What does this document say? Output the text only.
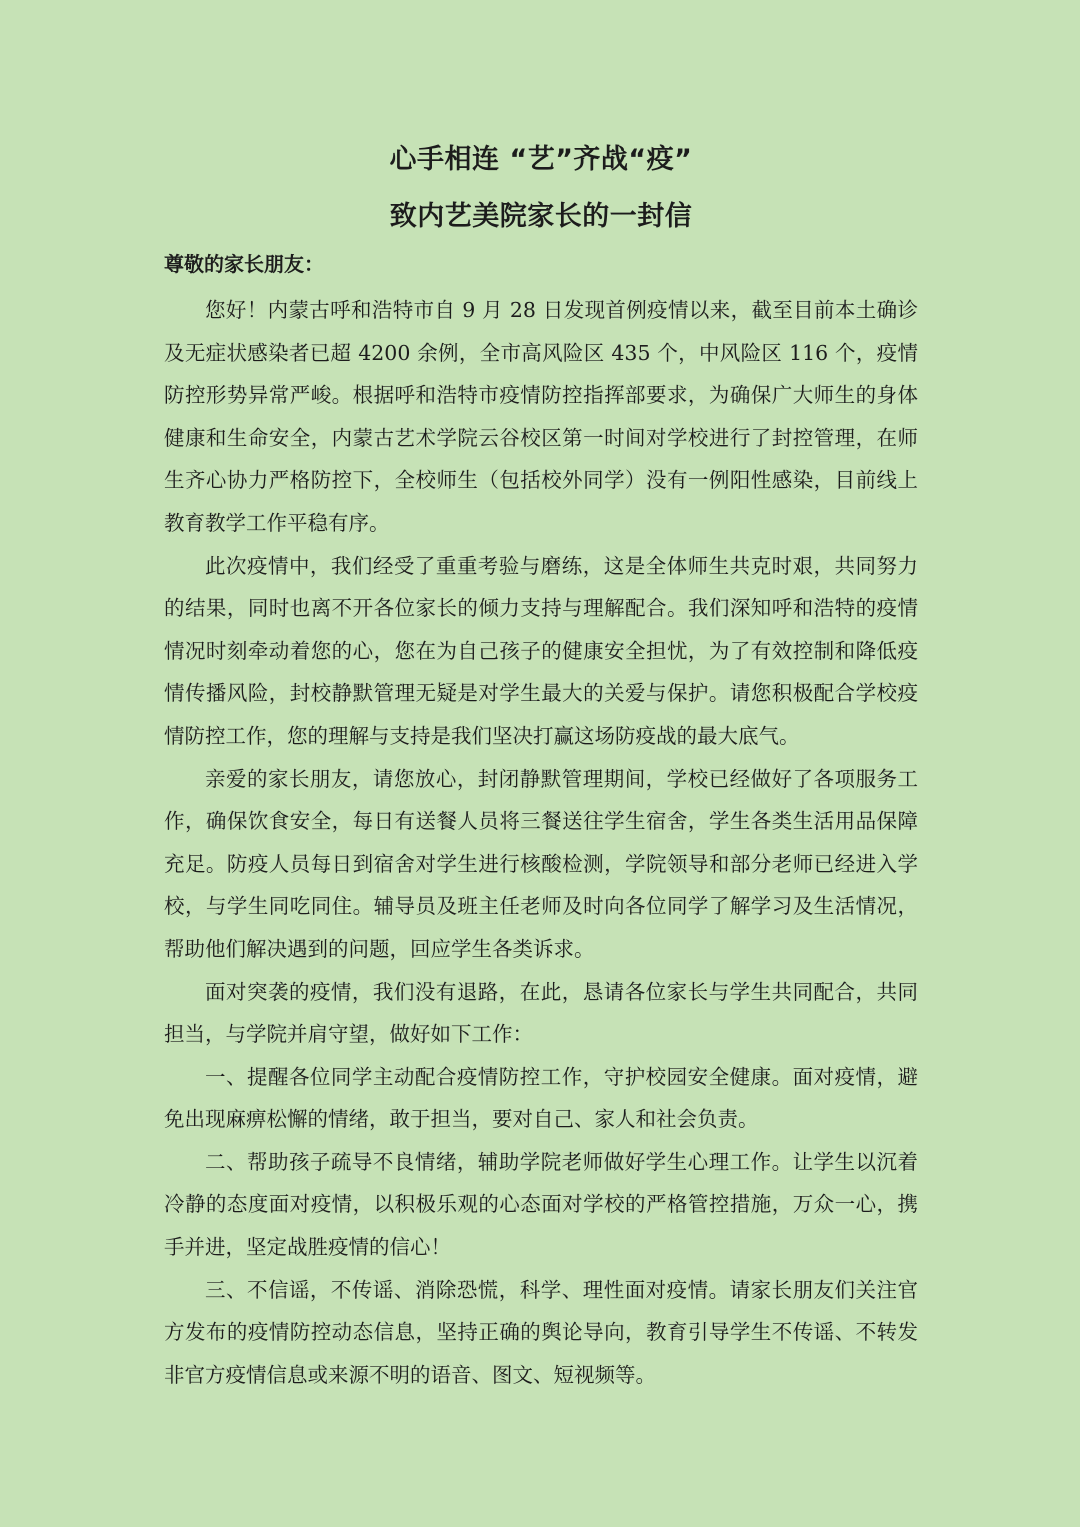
心手相连 “艺”齐战“疫”
致内艺美院家长的一封信

尊敬的家长朋友：

您好！内蒙古呼和浩特市自 9 月 28 日发现首例疫情以来，截至目前本土确诊及无症状感染者已超 4200 余例，全市高风险区 435 个，中风险区 116 个，疫情防控形势异常严峻。根据呼和浩特市疫情防控指挥部要求，为确保广大师生的身体健康和生命安全，内蒙古艺术学院云谷校区第一时间对学校进行了封控管理，在师生齐心协力严格防控下，全校师生（包括校外同学）没有一例阳性感染，目前线上教育教学工作平稳有序。

此次疫情中，我们经受了重重考验与磨练，这是全体师生共克时艰，共同努力的结果，同时也离不开各位家长的倾力支持与理解配合。我们深知呼和浩特的疫情情况时刻牵动着您的心，您在为自己孩子的健康安全担忧，为了有效控制和降低疫情传播风险，封校静默管理无疑是对学生最大的关爱与保护。请您积极配合学校疫情防控工作，您的理解与支持是我们坚决打赢这场防疫战的最大底气。

亲爱的家长朋友，请您放心，封闭静默管理期间，学校已经做好了各项服务工作，确保饮食安全，每日有送餐人员将三餐送往学生宿舍，学生各类生活用品保障充足。防疫人员每日到宿舍对学生进行核酸检测，学院领导和部分老师已经进入学校，与学生同吃同住。辅导员及班主任老师及时向各位同学了解学习及生活情况，帮助他们解决遇到的问题，回应学生各类诉求。

面对突袭的疫情，我们没有退路，在此，恳请各位家长与学生共同配合，共同担当，与学院并肩守望，做好如下工作：

一、提醒各位同学主动配合疫情防控工作，守护校园安全健康。面对疫情，避免出现麻痹松懈的情绪，敢于担当，要对自己、家人和社会负责。

二、帮助孩子疏导不良情绪，辅助学院老师做好学生心理工作。让学生以沉着冷静的态度面对疫情，以积极乐观的心态面对学校的严格管控措施，万众一心，携手并进，坚定战胜疫情的信心！

三、不信谣，不传谣、消除恐慌，科学、理性面对疫情。请家长朋友们关注官方发布的疫情防控动态信息，坚持正确的舆论导向，教育引导学生不传谣、不转发非官方疫情信息或来源不明的语音、图文、短视频等。
